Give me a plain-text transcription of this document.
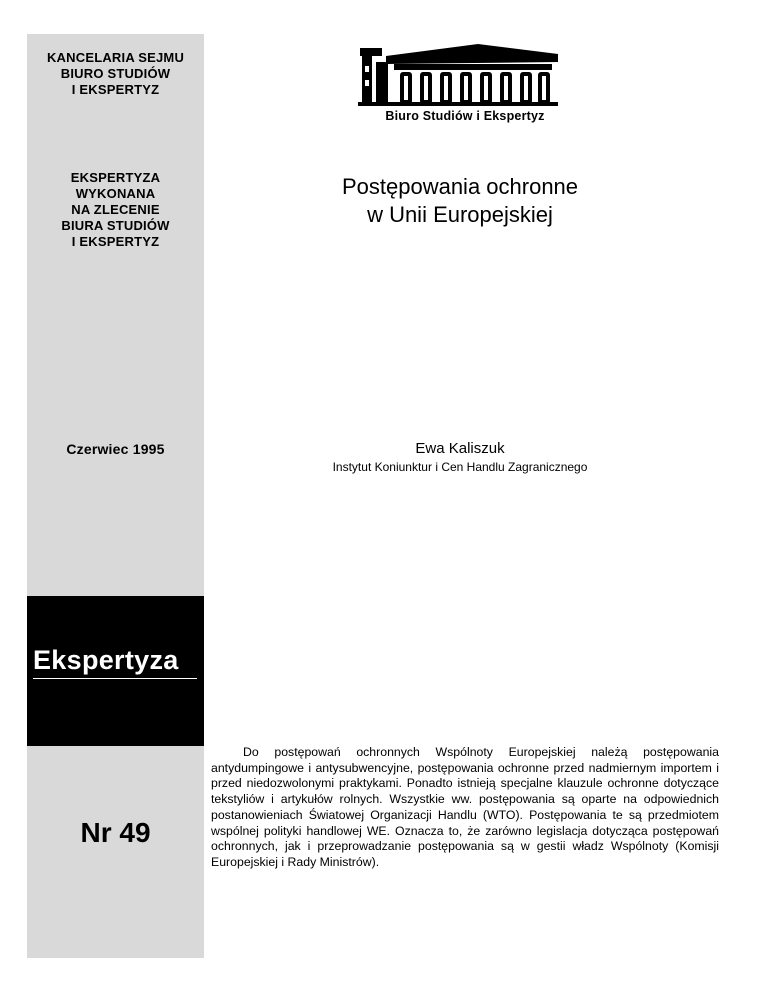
KANCELARIA SEJMU
BIURO STUDIÓW
I EKSPERTYZ
EKSPERTYZA
WYKONANA
NA ZLECENIE
BIURA STUDIÓW
I EKSPERTYZ
Czerwiec 1995
Ekspertyza
Nr 49
Biuro Studiów i Ekspertyz
Postępowania ochronne
w Unii Europejskiej
Ewa Kaliszuk
Instytut Koniunktur i Cen Handlu Zagranicznego
Do postępowań ochronnych Wspólnoty Europejskiej należą postępowania antydumpingowe i antysubwencyjne, postępowania ochronne przed nadmiernym importem i przed niedozwolonymi praktykami. Ponadto istnieją specjalne klauzule ochronne dotyczące tekstyliów i artykułów rolnych. Wszystkie ww. postępowania są oparte na odpowiednich postanowieniach Światowej Organizacji Handlu (WTO). Postępowania te są przedmiotem wspólnej polityki handlowej WE. Oznacza to, że zarówno legislacja dotycząca postępowań ochronnych, jak i przeprowadzanie postępowania są w gestii władz Wspólnoty (Komisji Europejskiej i Rady Ministrów).
